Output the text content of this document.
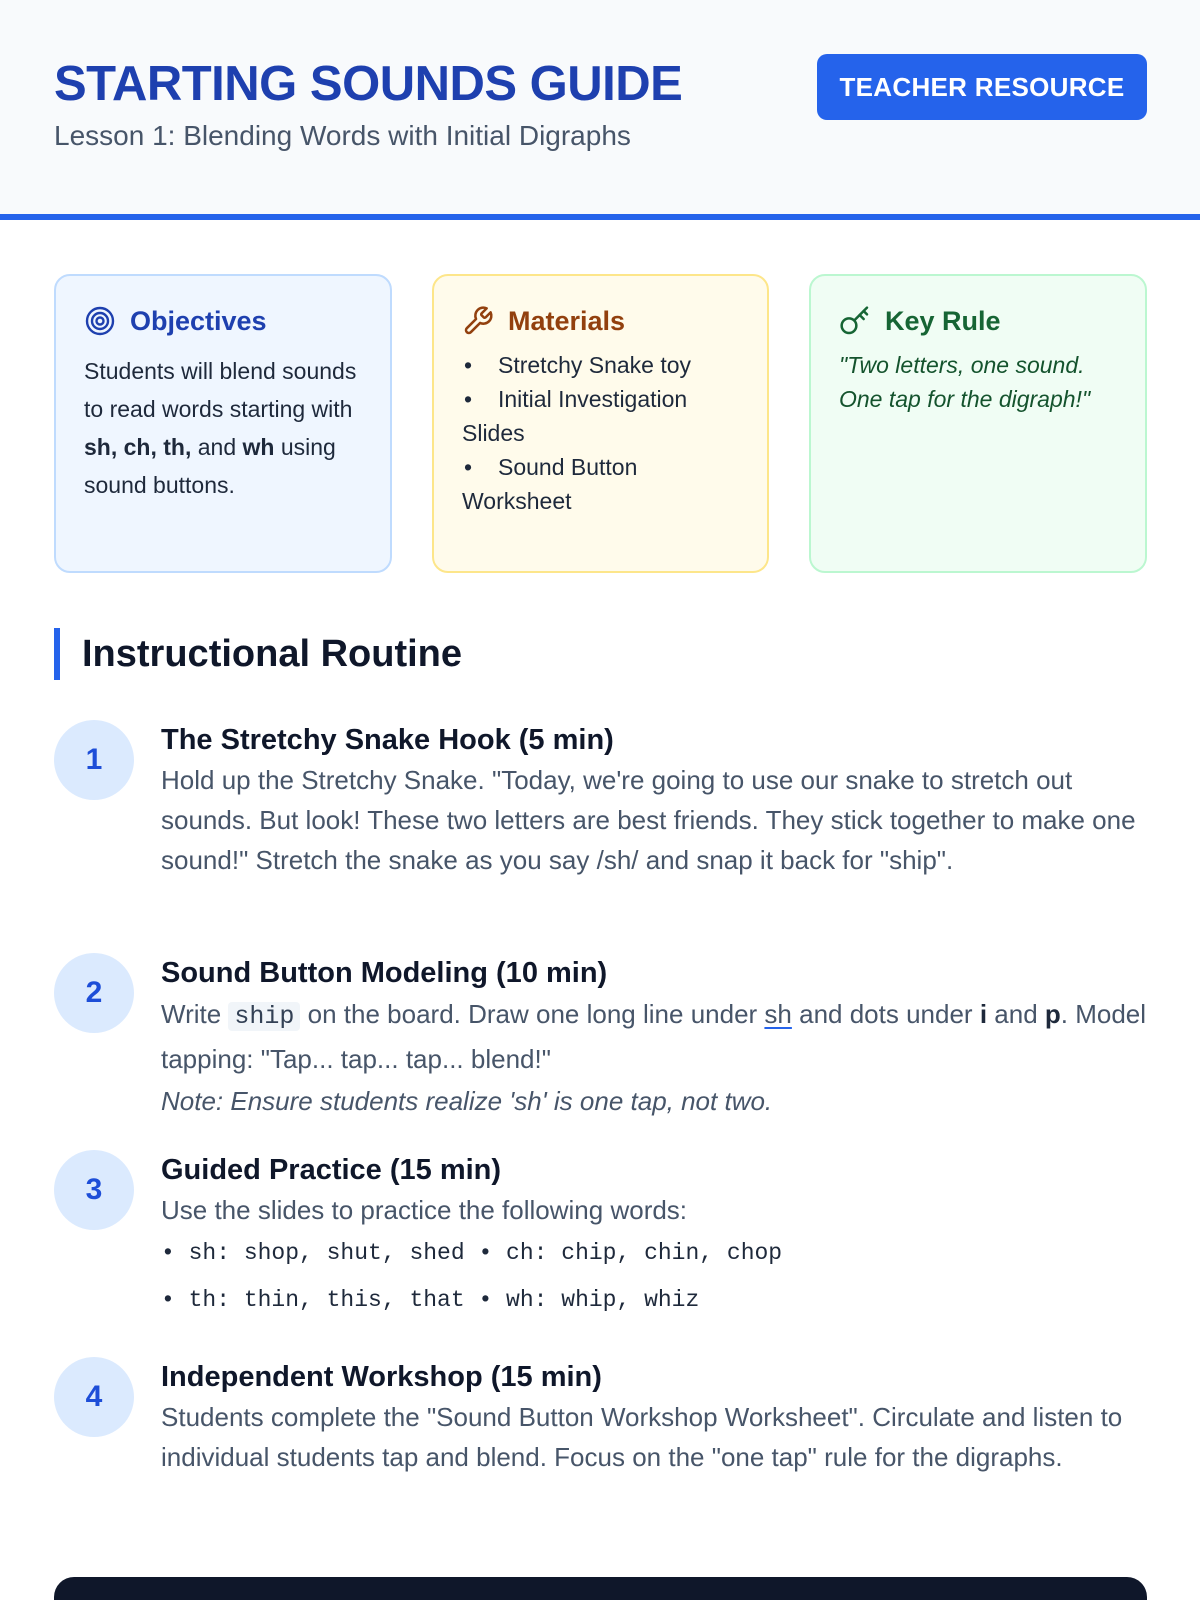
STARTING SOUNDS GUIDE
Lesson 1: Blending Words with Initial Digraphs
TEACHER RESOURCE
Objectives

Students will blend sounds to read words starting with sh, ch, th, and wh using sound buttons.

Materials
• Stretchy Snake toy
• Initial Investigation Slides
• Sound Button Worksheet
Key Rule

"Two letters, one sound. One tap for the digraph!"

Instructional Routine
1
The Stretchy Snake Hook (5 min)

Hold up the Stretchy Snake. "Today, we're going to use our snake to stretch out sounds. But look! These two letters are best friends. They stick together to make one sound!" Stretch the snake as you say /sh/ and snap it back for "ship".

2
Sound Button Modeling (10 min)

Write ship on the board. Draw one long line under sh and dots under i and p. Model tapping: "Tap... tap... tap... blend!"

Note: Ensure students realize 'sh' is one tap, not two.

3
Guided Practice (15 min)

Use the slides to practice the following words:

• sh: shop, shut, shed • ch: chip, chin, chop
• th: thin, this, that • wh: whip, whiz
4
Independent Workshop (15 min)

Students complete the "Sound Button Workshop Worksheet". Circulate and listen to individual students tap and blend. Focus on the "one tap" rule for the digraphs.
